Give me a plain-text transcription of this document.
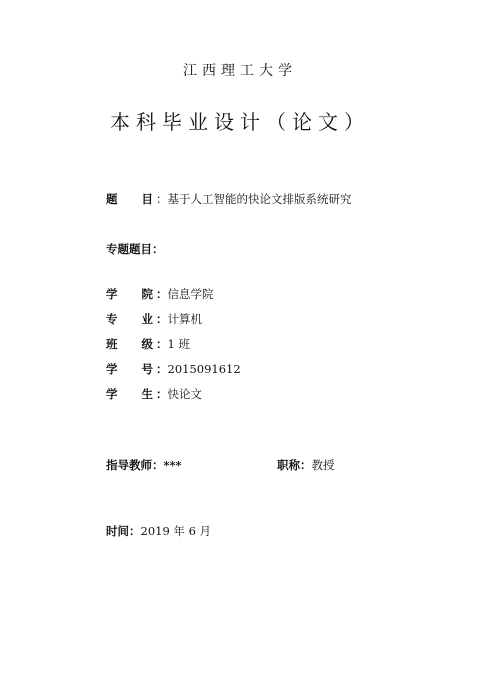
江西理工大学
本科毕业设计（论文）
题 目 ：基于人工智能的快论文排版系统研究
专题题目：
学 院 ：信息学院
专 业 ：计算机
班 级 ：1 班
学 号 ：2015091612
学 生 ：快论文
指导教师：***	职称：教授
时间：2019 年 6 月
